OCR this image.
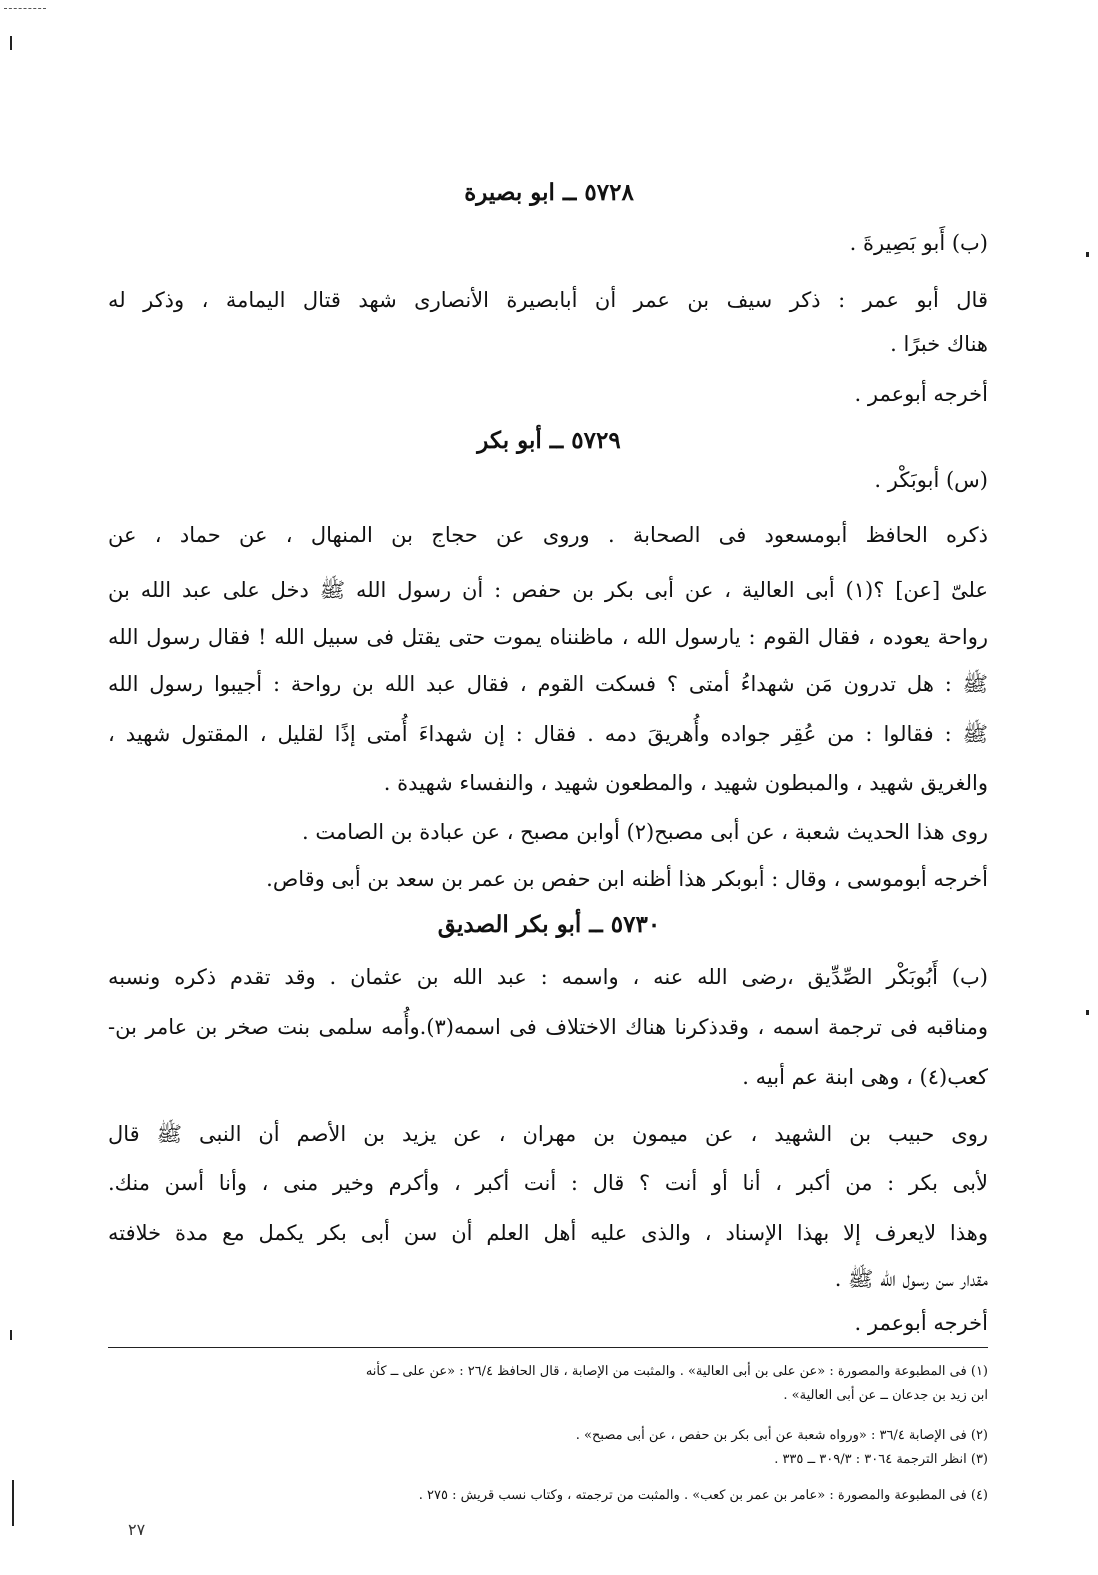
٥٧٢٨ ــ ابو بصيرة
(ب) أَبو بَصِيرةَ .
قال أبو عمر : ذكر سيف بن عمر أن أبابصيرة الأنصارى شهد قتال اليمامة ، وذكر له
هناك خبرًا .
أخرجه أبوعمر .
٥٧٢٩ ــ أبو بكر
(س) أبوبَكْر .
ذكره الحافظ أبومسعود فى الصحابة . وروى عن حجاج بن المنهال ، عن حماد ، عن
علىّ [عن] ؟(١) أبى العالية ، عن أبى بكر بن حفص : أن رسول الله ﷺ دخل على عبد الله بن
رواحة يعوده ، فقال القوم : يارسول الله ، ماظنناه يموت حتى يقتل فى سبيل الله ! فقال رسول الله
ﷺ : هل تدرون مَن شهداءُ أمتى ؟ فسكت القوم ، فقال عبد الله بن رواحة : أجيبوا رسول الله
ﷺ : فقالوا : من عُقِر جواده وأُهريقَ دمه . فقال : إن شهداءَ أُمتى إذًا لقليل ، المقتول شهيد ،
والغريق شهيد ، والمبطون شهيد ، والمطعون شهيد ، والنفساء شهيدة .
روى هذا الحديث شعبة ، عن أبى مصبح(٢) أوابن مصبح ، عن عبادة بن الصامت .
أخرجه أبوموسى ، وقال : أبوبكر هذا أظنه ابن حفص بن عمر بن سعد بن أبى وقاص.
٥٧٣٠ ــ أبو بكر الصديق
(ب) أَبُوبَكْر الصِّدِّيق ،رضى الله عنه ، واسمه : عبد الله بن عثمان . وقد تقدم ذكره ونسبه
ومناقبه فى ترجمة اسمه ، وقدذكرنا هناك الاختلاف فى اسمه(٣).وأُمه سلمى بنت صخر بن عامر بن-
كعب(٤) ، وهى ابنة عم أبيه .
روى حبيب بن الشهيد ، عن ميمون بن مهران ، عن يزيد بن الأصم أن النبى ﷺ قال
لأبى بكر : من أكبر ، أنا أو أنت ؟ قال : أنت أكبر ، وأكرم وخير منى ، وأنا أسن منك.
وهذا لايعرف إلا بهذا الإسناد ، والذى عليه أهل العلم أن سن أبى بكر يكمل مع مدة خلافته
مقدار سن رسول الله ﷺ .
أخرجه أبوعمر .
(١) فى المطبوعة والمصورة : «عن على بن أبى العالية» . والمثبت من الإصابة ، قال الحافظ ٢٦/٤ : «عن على ــ كأنه
ابن زيد بن جدعان ــ عن أبى العالية» .
(٢) فى الإصابة ٣٦/٤ : «ورواه شعبة عن أبى بكر بن حفص ، عن أبى مصبح» .
(٣) انظر الترجمة ٣٠٦٤ : ٣٠٩/٣ ــ ٣٣٥ .
(٤) فى المطبوعة والمصورة : «عامر بن عمر بن كعب» . والمثبت من ترجمته ، وكتاب نسب قريش : ٢٧٥ .
٢٧
